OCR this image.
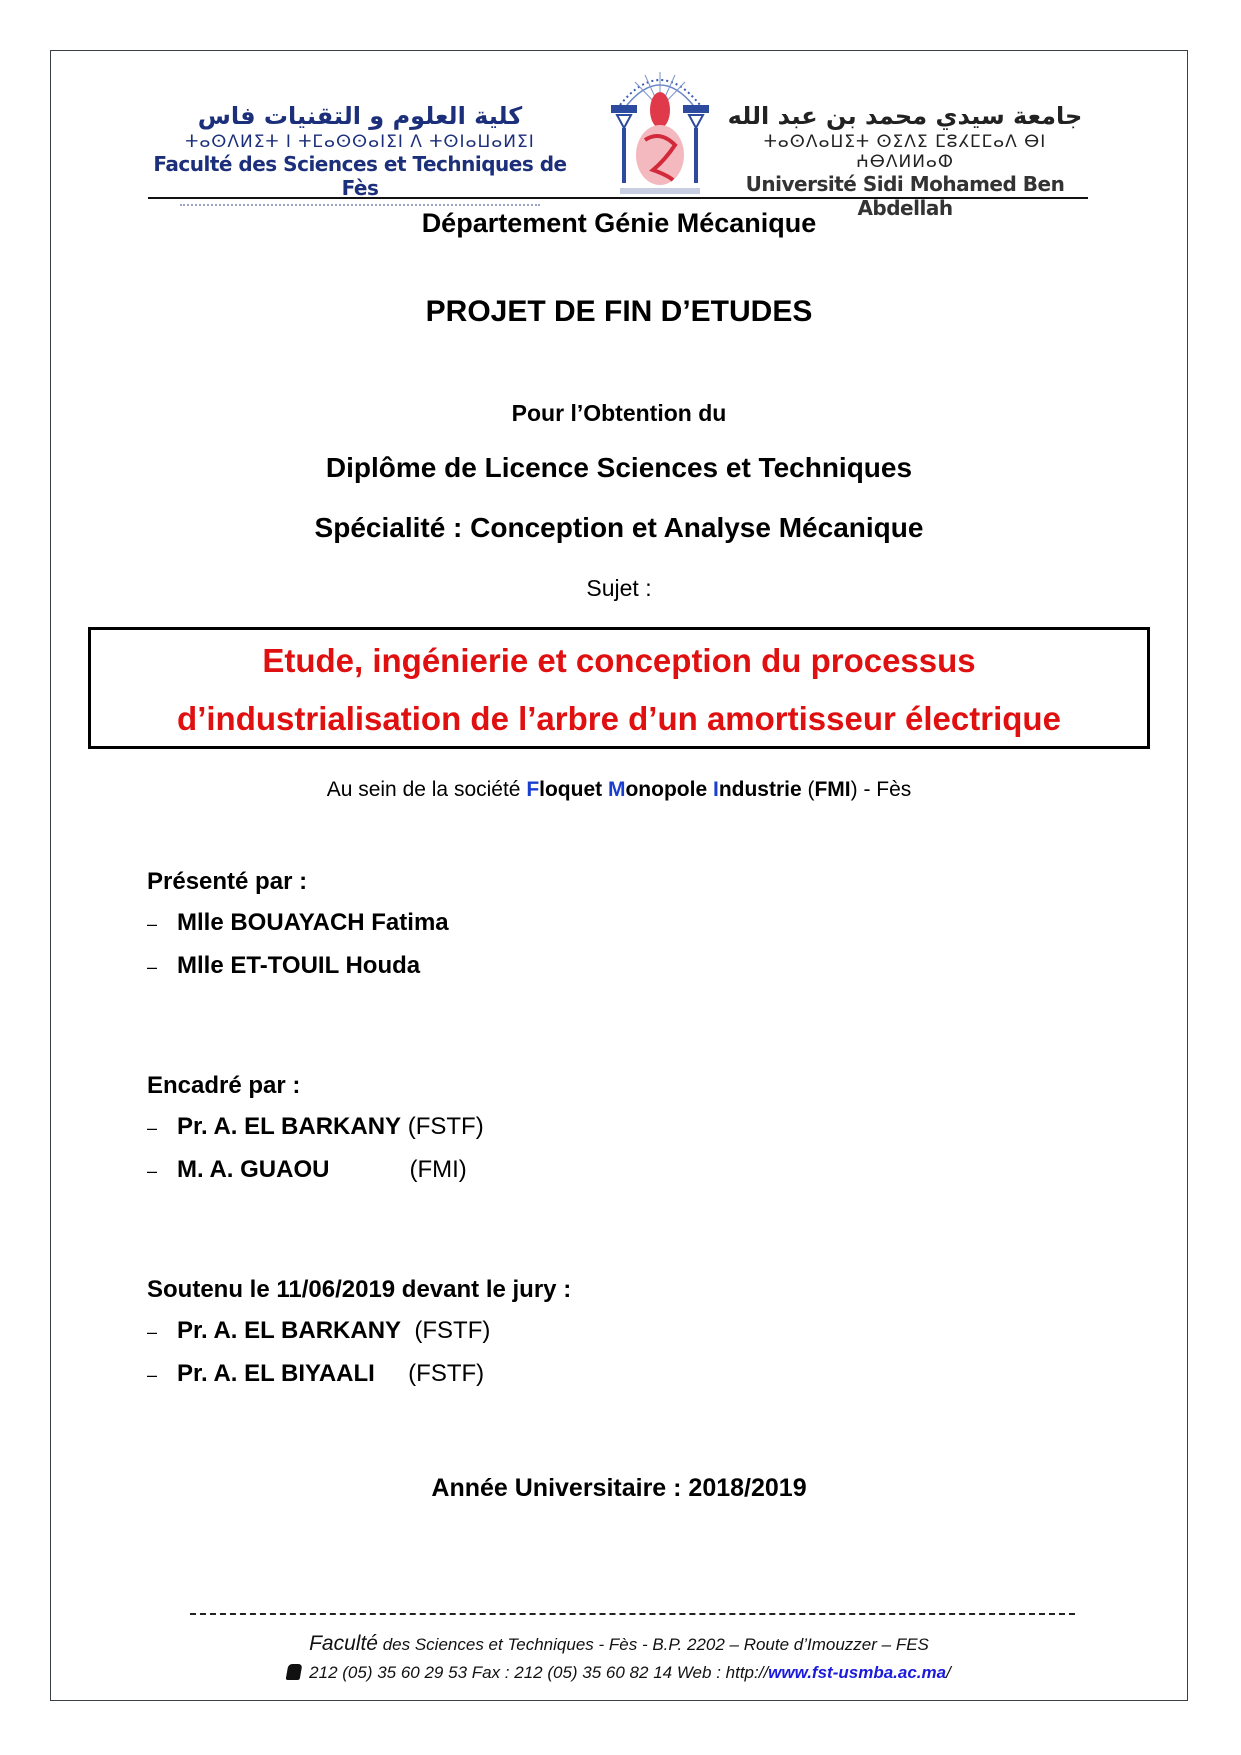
كلية العلوم و التقنيات فاس
ⵜⴰⵙⴷⵍⵉⵜ ⵏ ⵜⵎⴰⵙⵙⴰⵏⵉⵏ ⴷ ⵜⵙⵏⴰⵡⴰⵍⵉⵏ
Faculté des Sciences et Techniques de Fès
جامعة سيدي محمد بن عبد الله
ⵜⴰⵙⴷⴰⵡⵉⵜ ⵙⵉⴷⵉ ⵎⵓⵃⵎⵎⴰⴷ ⴱⵏ ⵄⴱⴷⵍⵍⴰⵀ
Université Sidi Mohamed Ben Abdellah
Département Génie Mécanique
PROJET DE FIN D’ETUDES
Pour l’Obtention du
Diplôme de Licence Sciences et Techniques
Spécialité : Conception et Analyse Mécanique
Sujet :
Etude, ingénierie et conception du processus
d’industrialisation de l’arbre d’un amortisseur électrique
Au sein de la société Floquet Monopole Industrie (FMI) - Fès
Présenté par :
– Mlle BOUAYACH Fatima
– Mlle ET-TOUIL Houda
Encadré par :
– Pr. A. EL BARKANY (FSTF)
– M. A. GUAOU (FMI)
Soutenu le 11/06/2019 devant le jury :
– Pr. A. EL BARKANY (FSTF)
– Pr. A. EL BIYAALI (FSTF)
Année Universitaire : 2018/2019
Faculté des Sciences et Techniques - Fès - B.P. 2202 – Route d’Imouzzer – FES
212 (05) 35 60 29 53 Fax : 212 (05) 35 60 82 14 Web : http://www.fst-usmba.ac.ma/
